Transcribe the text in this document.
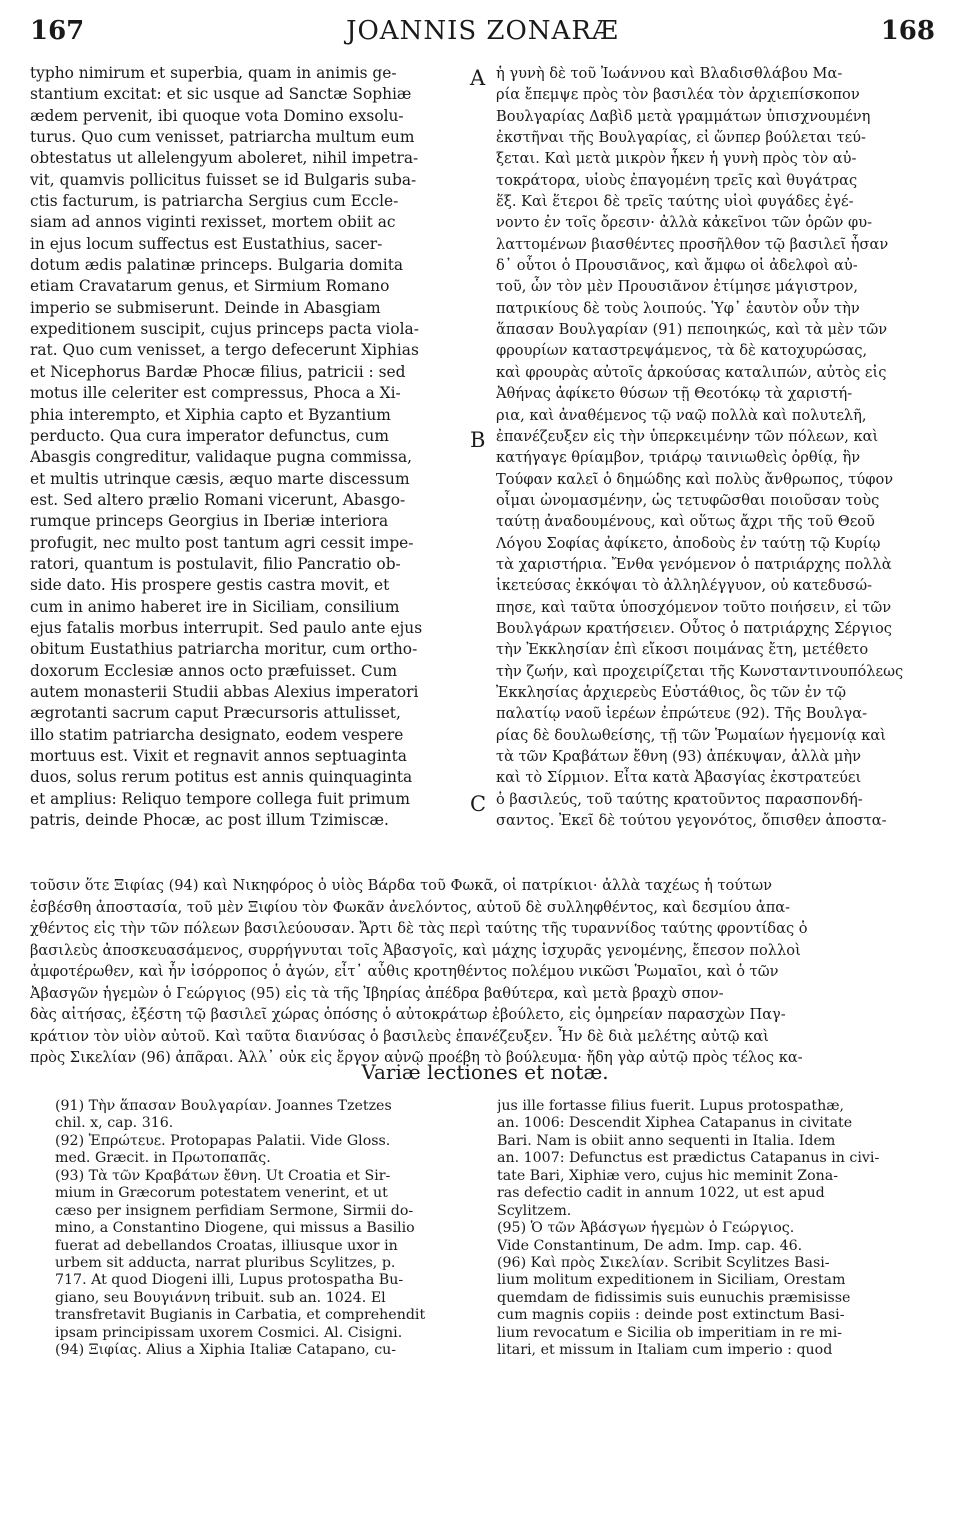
167	JOANNIS ZONARÆ	168
typho nimirum et superbia, quam in animis ge-
stantium excitat: et sic usque ad Sanctæ Sophiæ
ædem pervenit, ibi quoque vota Domino exsolu-
turus. Quo cum venisset, patriarcha multum eum
obtestatus ut allelengyum aboleret, nihil impetra-
vit, quamvis pollicitus fuisset se id Bulgaris suba-
ctis facturum, is patriarcha Sergius cum Eccle-
siam ad annos viginti rexisset, mortem obiit ac
in ejus locum suffectus est Eustathius, sacer-
dotum ædis palatinæ princeps. Bulgaria domita
etiam Cravatarum genus, et Sirmium Romano
imperio se submiserunt. Deinde in Abasgiam
expeditionem suscipit, cujus princeps pacta viola-
rat. Quo cum venisset, a tergo defecerunt Xiphias
et Nicephorus Bardæ Phocæ filius, patricii : sed
motus ille celeriter est compressus, Phoca a Xi-
phia interempto, et Xiphia capto et Byzantium
perducto. Qua cura imperator defunctus, cum
Abasgis congreditur, validaque pugna commissa,
et multis utrinque cæsis, æquo marte discessum
est. Sed altero prælio Romani vicerunt, Abasgo-
rumque princeps Georgius in Iberiæ interiora
profugit, nec multo post tantum agri cessit impe-
ratori, quantum is postulavit, filio Pancratio ob-
side dato. His prospere gestis castra movit, et
cum in animo haberet ire in Siciliam, consilium
ejus fatalis morbus interrupit. Sed paulo ante ejus
obitum Eustathius patriarcha moritur, cum ortho-
doxorum Ecclesiæ annos octo præfuisset. Cum
autem monasterii Studii abbas Alexius imperatori
ægrotanti sacrum caput Præcursoris attulisset,
illo statim patriarcha designato, eodem vespere
mortuus est. Vixit et regnavit annos septuaginta
duos, solus rerum potitus est annis quinquaginta
et amplius: Reliquo tempore collega fuit primum
patris, deinde Phocæ, ac post illum Tzimiscæ.
ἡ γυνὴ δὲ τοῦ Ἰωάννου καὶ Βλαδισθλάβου Μα-
ρία ἔπεμψε πρὸς τὸν βασιλέα τὸν ἀρχιεπίσκοπον
Βουλγαρίας Δαβὶδ μετὰ γραμμάτων ὑπισχνουμένη
ἐκστῆναι τῆς Βουλγαρίας, εἰ ὥνπερ βούλεται τεύ-
ξεται. Καὶ μετὰ μικρὸν ἧκεν ἡ γυνὴ πρὸς τὸν αὐ-
τοκράτορα, υἱοὺς ἐπαγομένη τρεῖς καὶ θυγάτρας
ἕξ. Καὶ ἕτεροι δὲ τρεῖς ταύτης υἱοὶ φυγάδες ἐγέ-
νοντο ἐν τοῖς ὄρεσιν· ἀλλὰ κἀκεῖνοι τῶν ὁρῶν φυ-
λαττομένων βιασθέντες προσῆλθον τῷ βασιλεῖ ἦσαν
δ᾿ οὗτοι ὁ Προυσιᾶνος, καὶ ἄμφω οἱ ἀδελφοὶ αὐ-
τοῦ, ὧν τὸν μὲν Προυσιᾶνον ἐτίμησε μάγιστρον,
πατρικίους δὲ τοὺς λοιπούς. Ὑφ᾿ ἑαυτὸν οὖν τὴν
ἅπασαν Βουλγαρίαν (91) πεποιηκώς, καὶ τὰ μὲν τῶν
φρουρίων καταστρεψάμενος, τὰ δὲ κατοχυρώσας,
καὶ φρουρὰς αὐτοῖς ἀρκούσας καταλιπών, αὐτὸς εἰς
Ἀθήνας ἀφίκετο θύσων τῇ Θεοτόκῳ τὰ χαριστή-
ρια, καὶ ἀναθέμενος τῷ ναῷ πολλὰ καὶ πολυτελῆ,
ἐπανέζευξεν εἰς τὴν ὑπερκειμένην τῶν πόλεων, καὶ
κατήγαγε θρίαμβον, τριάρῳ ταινιωθεὶς ὀρθίᾳ, ἣν
Τούφαν καλεῖ ὁ δημώδης καὶ πολὺς ἄνθρωπος, τύφον
οἶμαι ὠνομασμένην, ὡς τετυφῶσθαι ποιοῦσαν τοὺς
ταύτῃ ἀναδουμένους, καὶ οὕτως ἄχρι τῆς τοῦ Θεοῦ
Λόγου Σοφίας ἀφίκετο, ἀποδοὺς ἐν ταύτῃ τῷ Κυρίῳ
τὰ χαριστήρια. Ἔνθα γενόμενον ὁ πατριάρχης πολλὰ
ἱκετεύσας ἐκκόψαι τὸ ἀλληλέγγυον, οὐ κατεδυσώ-
πησε, καὶ ταῦτα ὑποσχόμενον τοῦτο ποιήσειν, εἰ τῶν
Βουλγάρων κρατήσειεν. Οὗτος ὁ πατριάρχης Σέργιος
τὴν Ἐκκλησίαν ἐπὶ εἴκοσι ποιμάνας ἔτη, μετέθετο
τὴν ζωήν, καὶ προχειρίζεται τῆς Κωνσταντινουπόλεως
Ἐκκλησίας ἀρχιερεὺς Εὐστάθιος, ὃς τῶν ἐν τῷ
παλατίῳ ναοῦ ἱερέων ἐπρώτευε (92). Τῆς Βουλγα-
ρίας δὲ δουλωθείσης, τῇ τῶν Ῥωμαίων ἡγεμονίᾳ καὶ
τὰ τῶν Κραβάτων ἔθνη (93) ἀπέκυψαν, ἀλλὰ μὴν
καὶ τὸ Σίρμιον. Εἶτα κατὰ Ἀβασγίας ἐκστρατεύει
ὁ βασιλεύς, τοῦ ταύτης κρατοῦντος παρασπονδή-
σαντος. Ἐκεῖ δὲ τούτου γεγονότος, ὄπισθεν ἀποστα-
A
B
C
τοῦσιν ὅτε Ξιφίας (94) καὶ Νικηφόρος ὁ υἱὸς Βάρδα τοῦ Φωκᾶ, οἱ πατρίκιοι· ἀλλὰ ταχέως ἡ τούτων
ἐσβέσθη ἀποστασία, τοῦ μὲν Ξιφίου τὸν Φωκᾶν ἀνελόντος, αὐτοῦ δὲ συλληφθέντος, καὶ δεσμίου ἀπα-
χθέντος εἰς τὴν τῶν πόλεων βασιλεύουσαν. Ἄρτι δὲ τὰς περὶ ταύτης τῆς τυραννίδος ταύτης φροντίδας ὁ
βασιλεὺς ἀποσκευασάμενος, συρρήγνυται τοῖς Ἀβασγοῖς, καὶ μάχης ἰσχυρᾶς γενομένης, ἔπεσον πολλοὶ
ἀμφοτέρωθεν, καὶ ἦν ἰσόρροπος ὁ ἀγών, εἶτ᾿ αὖθις κροτηθέντος πολέμου νικῶσι Ῥωμαῖοι, καὶ ὁ τῶν
Ἀβασγῶν ἡγεμὼν ὁ Γεώργιος (95) εἰς τὰ τῆς Ἰβηρίας ἀπέδρα βαθύτερα, καὶ μετὰ βραχὺ σπον-
δὰς αἰτήσας, ἐξέστη τῷ βασιλεῖ χώρας ὁπόσης ὁ αὐτοκράτωρ ἐβούλετο, εἰς ὁμηρείαν παρασχὼν Παγ-
κράτιον τὸν υἱὸν αὐτοῦ. Καὶ ταῦτα διανύσας ὁ βασιλεὺς ἐπανέζευξεν. Ἦν δὲ διὰ μελέτης αὐτῷ καὶ
πρὸς Σικελίαν (96) ἀπᾶραι. Ἀλλ᾿ οὐκ εἰς ἔργον αὐνῷ προέβη τὸ βούλευμα· ἤδη γὰρ αὐτῷ πρὸς τέλος κα-
Variæ lectiones et notæ.
(91) Τὴν ἅπασαν Βουλγαρίαν. Joannes Tzetzes
chil. x, cap. 316.
(92) Ἐπρώτευε. Protopapas Palatii. Vide Gloss.
med. Græcit. in Πρωτοπαπᾶς.
(93) Τὰ τῶν Κραβάτων ἔθνη. Ut Croatia et Sir-
mium in Græcorum potestatem venerint, et ut
cæso per insignem perfidiam Sermone, Sirmii do-
mino, a Constantino Diogene, qui missus a Basilio
fuerat ad debellandos Croatas, illiusque uxor in
urbem sit adducta, narrat pluribus Scylitzes, p.
717. At quod Diogeni illi, Lupus protospatha Bu-
giano, seu Βουγιάννη tribuit. sub an. 1024. El
transfretavit Bugianis in Carbatia, et comprehendit
ipsam principissam uxorem Cosmici. Al. Cisigni.
(94) Ξιφίας. Alius a Xiphia Italiæ Catapano, cu-
jus ille fortasse filius fuerit. Lupus protospathæ,
an. 1006: Descendit Xiphea Catapanus in civitate
Bari. Nam is obiit anno sequenti in Italia. Idem
an. 1007: Defunctus est prædictus Catapanus in civi-
tate Bari, Xiphiæ vero, cujus hic meminit Zona-
ras defectio cadit in annum 1022, ut est apud
Scylitzem.
(95) Ὁ τῶν Ἀβάσγων ἡγεμὼν ὁ Γεώργιος.
Vide Constantinum, De adm. Imp. cap. 46.
(96) Καὶ πρὸς Σικελίαν. Scribit Scylitzes Basi-
lium molitum expeditionem in Siciliam, Orestam
quemdam de fidissimis suis eunuchis præmisisse
cum magnis copiis : deinde post extinctum Basi-
lium revocatum e Sicilia ob imperitiam in re mi-
litari, et missum in Italiam cum imperio : quod
